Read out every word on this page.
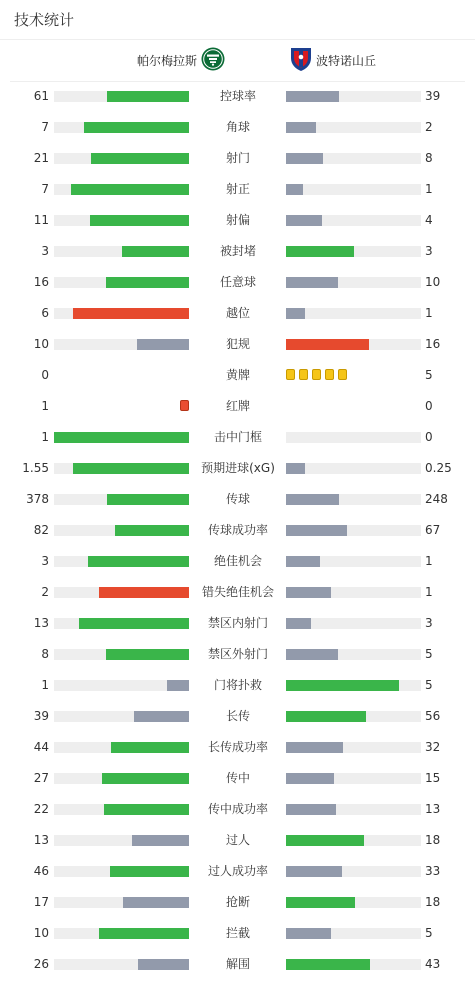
技术统计
帕尔梅拉斯	波特诺山丘
61	控球率	39
7	角球	2
21	射门	8
7	射正	1
11	射偏	4
3	被封堵	3
16	任意球	10
6	越位	1
10	犯规	16
0	黄牌	5
1	红牌	0
1	击中门框	0
1.55	预期进球(xG)	0.25
378	传球	248
82	传球成功率	67
3	绝佳机会	1
2	错失绝佳机会	1
13	禁区内射门	3
8	禁区外射门	5
1	门将扑救	5
39	长传	56
44	长传成功率	32
27	传中	15
22	传中成功率	13
13	过人	18
46	过人成功率	33
17	抢断	18
10	拦截	5
26	解围	43
